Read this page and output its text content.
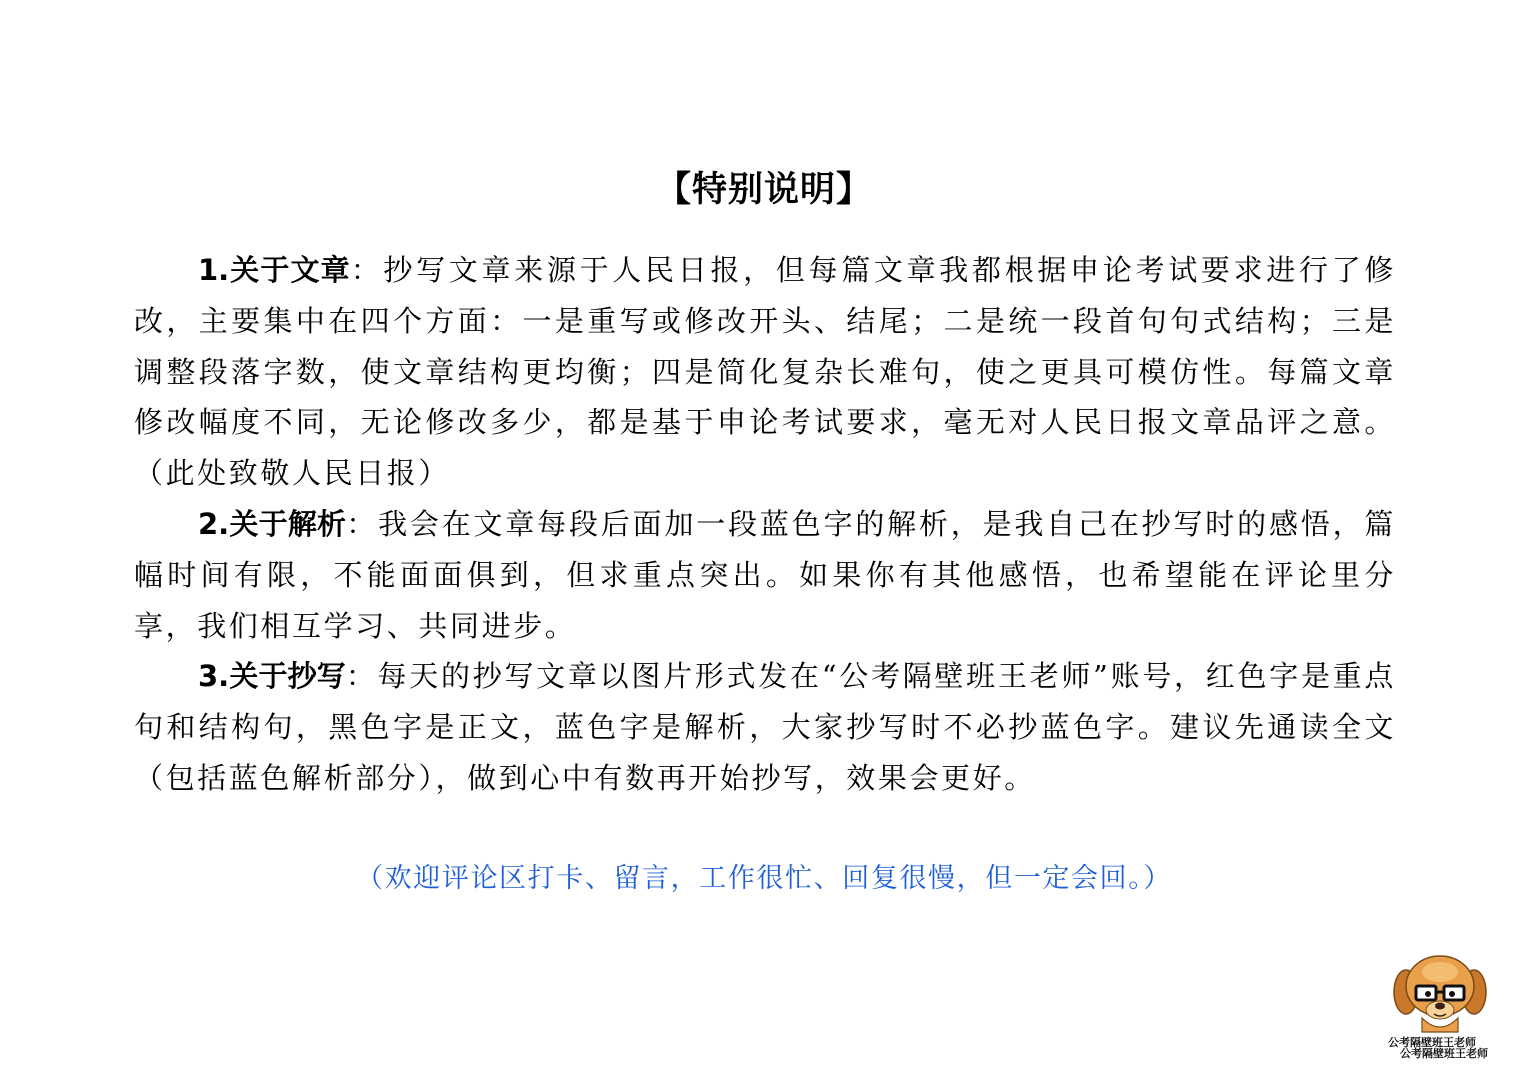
【特别说明】

1.关于文章：抄写文章来源于人民日报，但每篇文章我都根据申论考试要求进行了修改，主要集中在四个方面：一是重写或修改开头、结尾；二是统一段首句句式结构；三是调整段落字数，使文章结构更均衡；四是简化复杂长难句，使之更具可模仿性。每篇文章修改幅度不同，无论修改多少，都是基于申论考试要求，毫无对人民日报文章品评之意。（此处致敬人民日报）

2.关于解析：我会在文章每段后面加一段蓝色字的解析，是我自己在抄写时的感悟，篇幅时间有限，不能面面俱到，但求重点突出。如果你有其他感悟，也希望能在评论里分享，我们相互学习、共同进步。

3.关于抄写：每天的抄写文章以图片形式发在“公考隔壁班王老师”账号，红色字是重点句和结构句，黑色字是正文，蓝色字是解析，大家抄写时不必抄蓝色字。建议先通读全文（包括蓝色解析部分），做到心中有数再开始抄写，效果会更好。

（欢迎评论区打卡、留言，工作很忙、回复很慢，但一定会回。）
公考隔壁班王老师
公考隔壁班王老师
